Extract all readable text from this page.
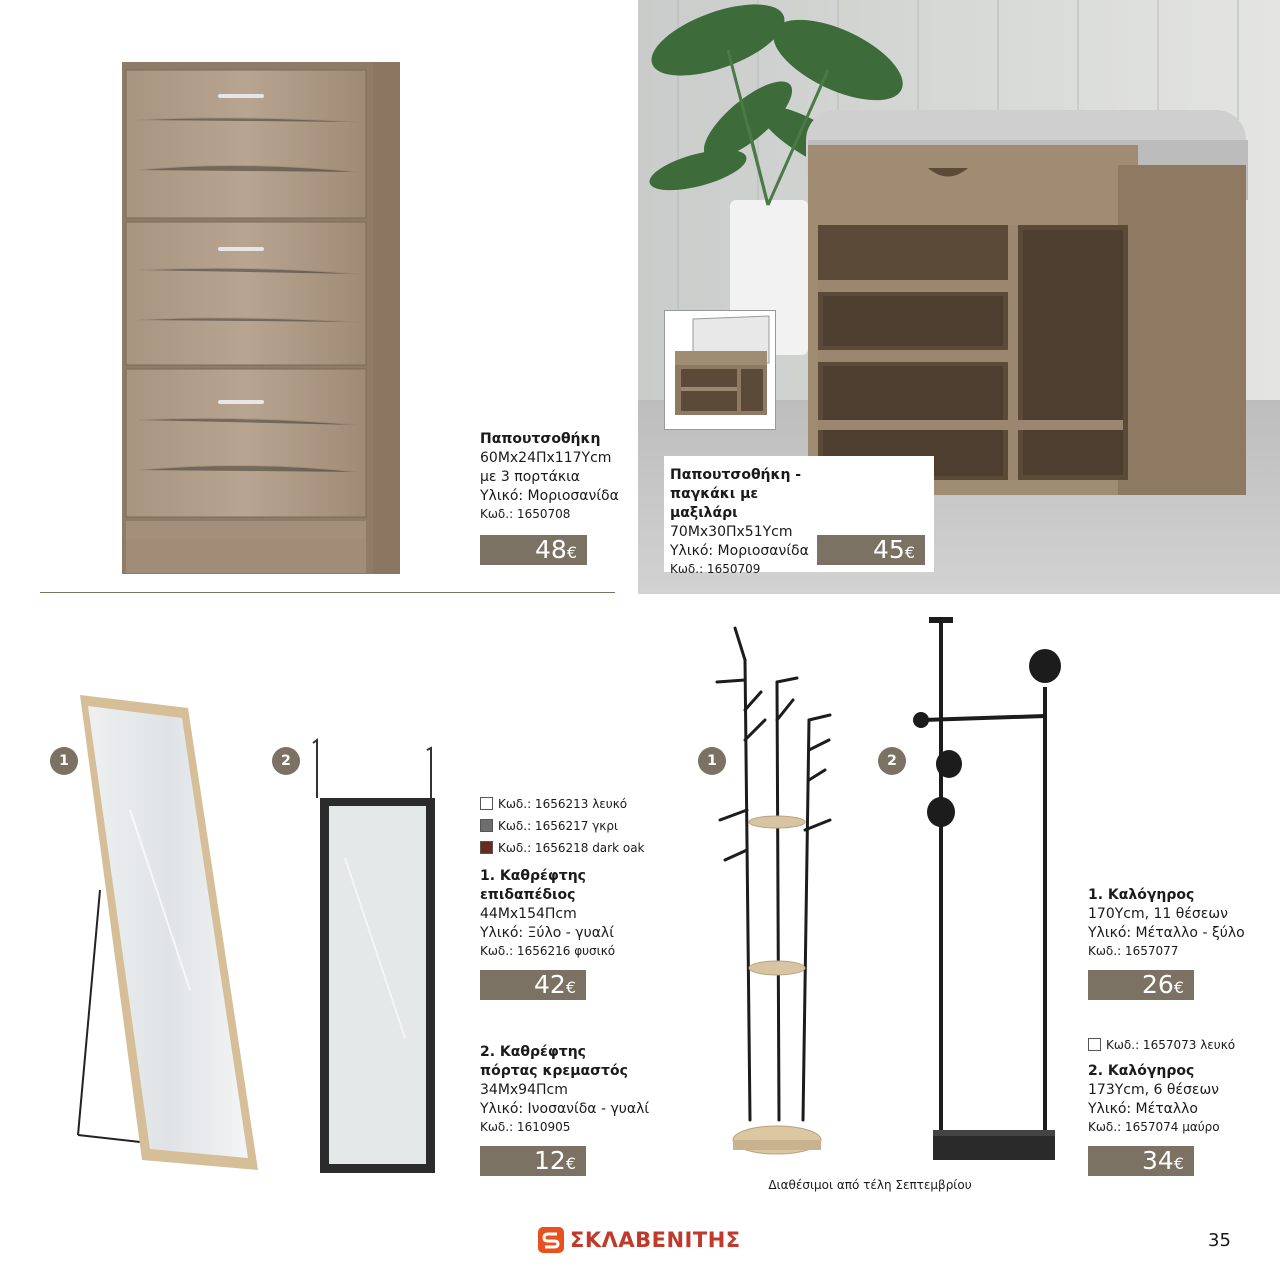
Παπουτσοθήκη
60Μx24Πx117Υcm
με 3 πορτάκια
Υλικό: Μοριοσανίδα
Κωδ.: 1650708
48€
Παπουτσοθήκη -
παγκάκι με μαξιλάρι
70Μx30Πx51Υcm
Υλικό: Μοριοσανίδα
Κωδ.: 1650709
45€
1	2
Κωδ.: 1656213 λευκό
Κωδ.: 1656217 γκρι
Κωδ.: 1656218 dark oak
1. Καθρέφτης
επιδαπέδιος
44Μx154Πcm
Υλικό: Ξύλο - γυαλί
Κωδ.: 1656216 φυσικό
42€
2. Καθρέφτης
πόρτας κρεμαστός
34Μx94Πcm
Υλικό: Ινοσανίδα - γυαλί
Κωδ.: 1610905
12€
1	2
Διαθέσιμοι από τέλη Σεπτεμβρίου
1. Καλόγηρος
170Υcm, 11 θέσεων
Υλικό: Μέταλλο - ξύλο
Κωδ.: 1657077
26€
Κωδ.: 1657073 λευκό
2. Καλόγηρος
173Υcm, 6 θέσεων
Υλικό: Μέταλλο
Κωδ.: 1657074 μαύρο
34€
ΣΚΛΑΒΕΝΙΤΗΣ	35
